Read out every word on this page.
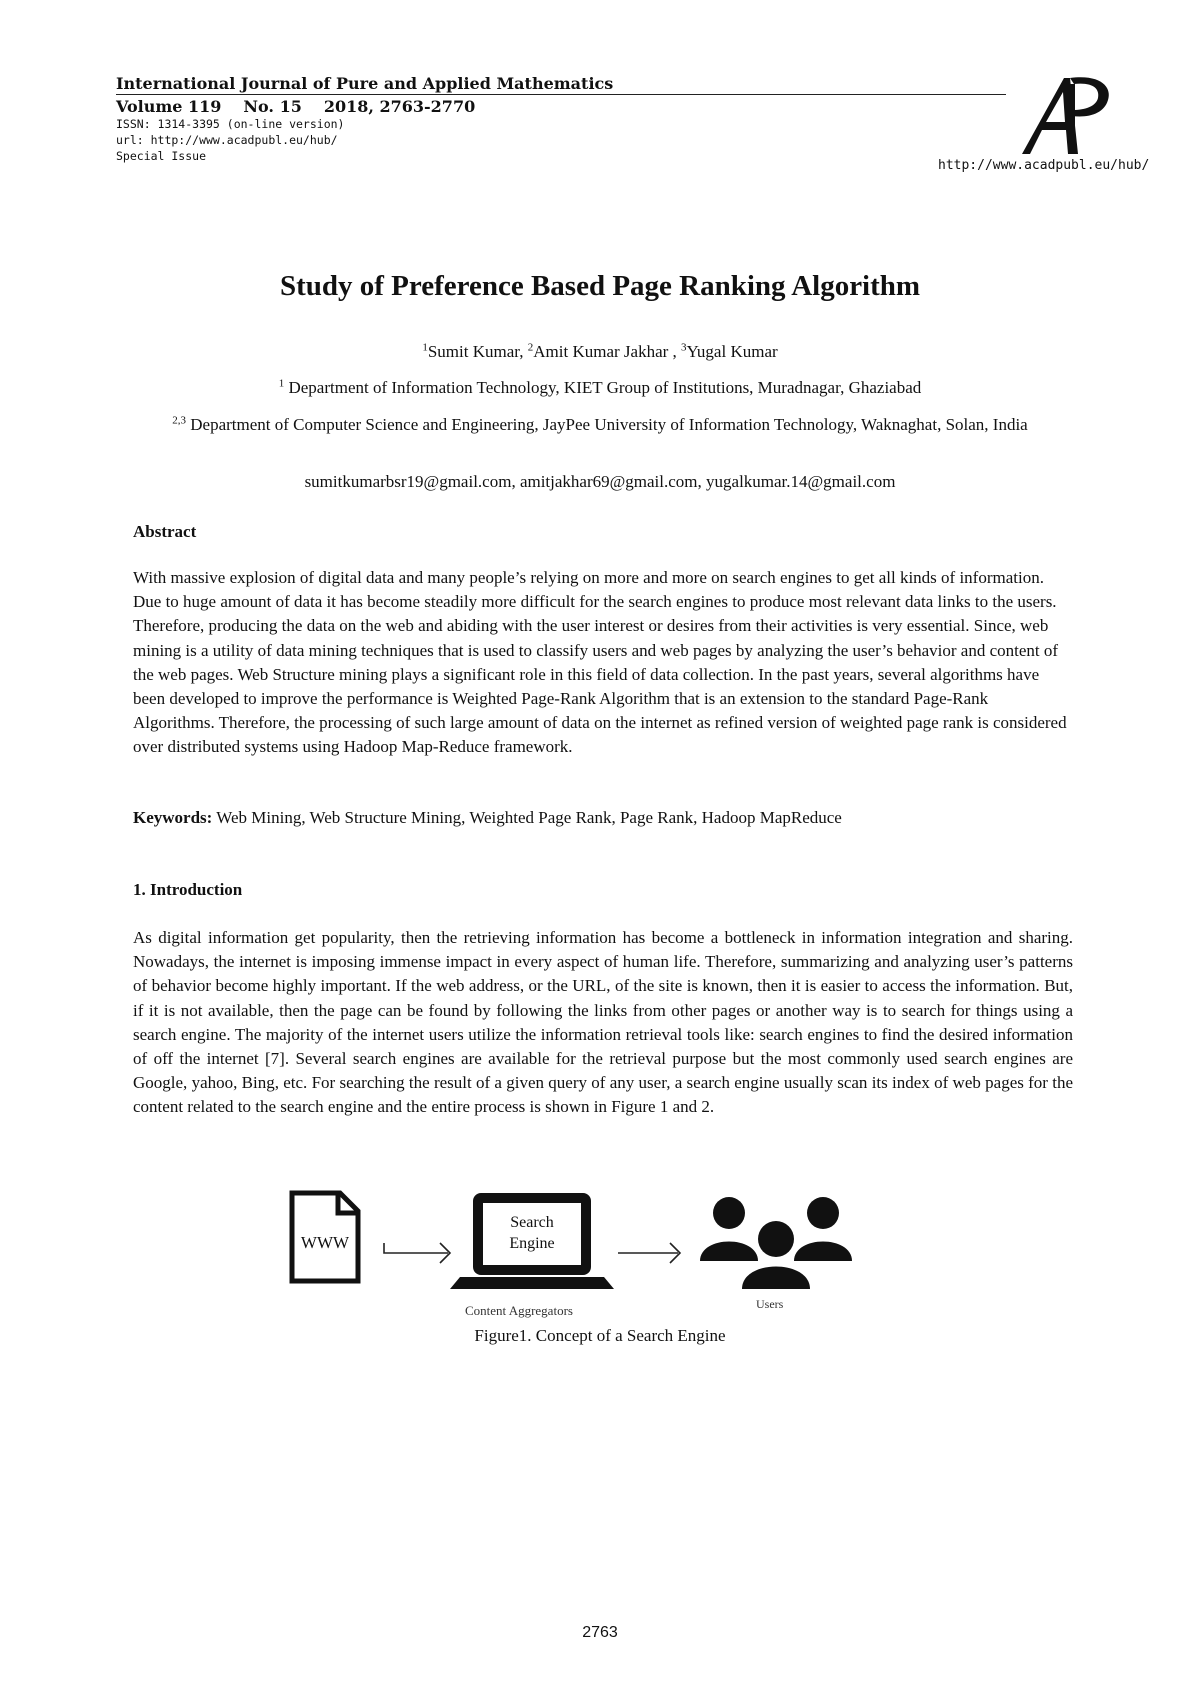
International Journal of Pure and Applied Mathematics
Volume 119 No. 15 2018, 2763-2770
ISSN: 1314-3395 (on-line version)
url: http://www.acadpubl.eu/hub/
Special Issue
http://www.acadpubl.eu/hub/
Study of Preference Based Page Ranking Algorithm
$^1$Sumit Kumar, $^2$Amit Kumar Jakhar , $^3$Yugal Kumar
$^1$ Department of Information Technology, KIET Group of Institutions, Muradnagar, Ghaziabad
$^{2,3}$ Department of Computer Science and Engineering, JayPee University of Information Technology, Waknaghat, Solan, India
sumitkumarbsr19@gmail.com, amitjakhar69@gmail.com, yugalkumar.14@gmail.com
Abstract
With massive explosion of digital data and many people’s relying on more and more on search engines to get all kinds of information. Due to huge amount of data it has become steadily more difficult for the search engines to produce most relevant data links to the users. Therefore, producing the data on the web and abiding with the user interest or desires from their activities is very essential. Since, web mining is a utility of data mining techniques that is used to classify users and web pages by analyzing the user’s behavior and content of the web pages. Web Structure mining plays a significant role in this field of data collection. In the past years, several algorithms have been developed to improve the performance is Weighted Page-Rank Algorithm that is an extension to the standard Page-Rank Algorithms. Therefore, the processing of such large amount of data on the internet as refined version of weighted page rank is considered over distributed systems using Hadoop Map-Reduce framework.
Keywords: Web Mining, Web Structure Mining, Weighted Page Rank, Page Rank, Hadoop MapReduce
1. Introduction
As digital information get popularity, then the retrieving information has become a bottleneck in information integration and sharing. Nowadays, the internet is imposing immense impact in every aspect of human life. Therefore, summarizing and analyzing user’s patterns of behavior become highly important. If the web address, or the URL, of the site is known, then it is easier to access the information. But, if it is not available, then the page can be found by following the links from other pages or another way is to search for things using a search engine. The majority of the internet users utilize the information retrieval tools like: search engines to find the desired information of off the internet [7]. Several search engines are available for the retrieval purpose but the most commonly used search engines are Google, yahoo, Bing, etc. For searching the result of a given query of any user, a search engine usually scan its index of web pages for the content related to the search engine and the entire process is shown in Figure 1 and 2.
WWW
Search
Engine
Content Aggregators	Users
Figure1. Concept of a Search Engine
2763
